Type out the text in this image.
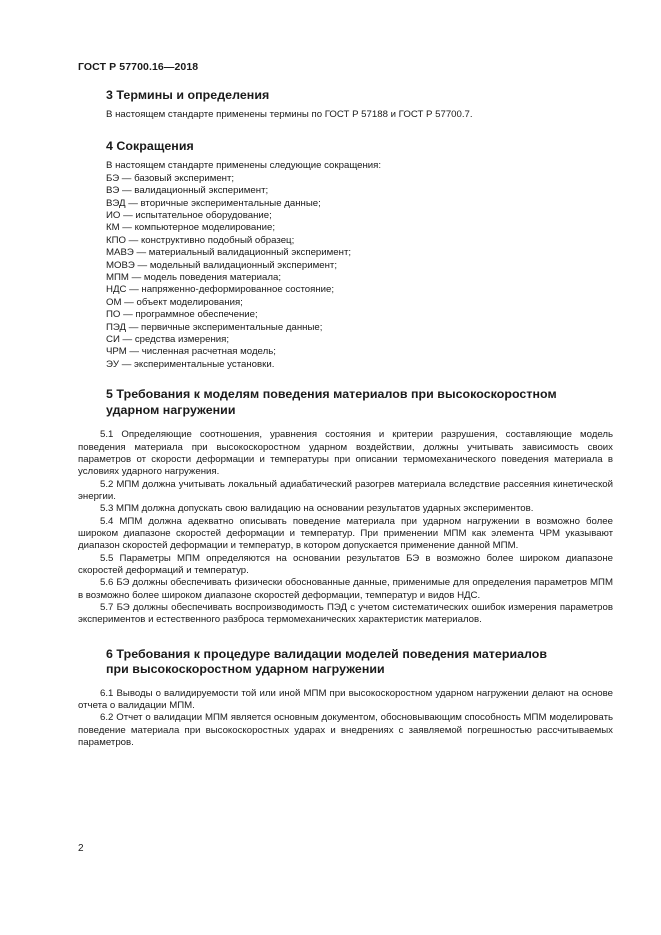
ГОСТ Р 57700.16—2018
3 Термины и определения

В настоящем стандарте применены термины по ГОСТ Р 57188 и ГОСТ Р 57700.7.

4 Сокращения

В настоящем стандарте применены следующие сокращения:

БЭ — базовый эксперимент;
ВЭ — валидационный эксперимент;
ВЭД — вторичные экспериментальные данные;
ИО — испытательное оборудование;
КМ — компьютерное моделирование;
КПО — конструктивно подобный образец;
МАВЭ — материальный валидационный эксперимент;
МОВЭ — модельный валидационный эксперимент;
МПМ — модель поведения материала;
НДС — напряженно-деформированное состояние;
ОМ — объект моделирования;
ПО — программное обеспечение;
ПЭД — первичные экспериментальные данные;
СИ — средства измерения;
ЧРМ — численная расчетная модель;
ЭУ — экспериментальные установки.
5 Требования к моделям поведения материалов при высокоскоростном
ударном нагружении

5.1 Определяющие соотношения, уравнения состояния и критерии разрушения, составляющие модель поведения материала при высокоскоростном ударном воздействии, должны учитывать зависимость своих параметров от скорости деформации и температуры при описании термомеханического поведения материала в условиях ударного нагружения.

5.2 МПМ должна учитывать локальный адиабатический разогрев материала вследствие рассеяния кинетической энергии.

5.3 МПМ должна допускать свою валидацию на основании результатов ударных экспериментов.

5.4 МПМ должна адекватно описывать поведение материала при ударном нагружении в возможно более широком диапазоне скоростей деформации и температур. При применении МПМ как элемента ЧРМ указывают диапазон скоростей деформации и температур, в котором допускается применение данной МПМ.

5.5 Параметры МПМ определяются на основании результатов БЭ в возможно более широком диапазоне скоростей деформаций и температур.

5.6 БЭ должны обеспечивать физически обоснованные данные, применимые для определения параметров МПМ в возможно более широком диапазоне скоростей деформации, температур и видов НДС.

5.7 БЭ должны обеспечивать воспроизводимость ПЭД с учетом систематических ошибок измерения параметров экспериментов и естественного разброса термомеханических характеристик материалов.

6 Требования к процедуре валидации моделей поведения материалов
при высокоскоростном ударном нагружении

6.1 Выводы о валидируемости той или иной МПМ при высокоскоростном ударном нагружении делают на основе отчета о валидации МПМ.

6.2 Отчет о валидации МПМ является основным документом, обосновывающим способность МПМ моделировать поведение материала при высокоскоростных ударах и внедрениях с заявляемой погрешностью рассчитываемых параметров.

2
